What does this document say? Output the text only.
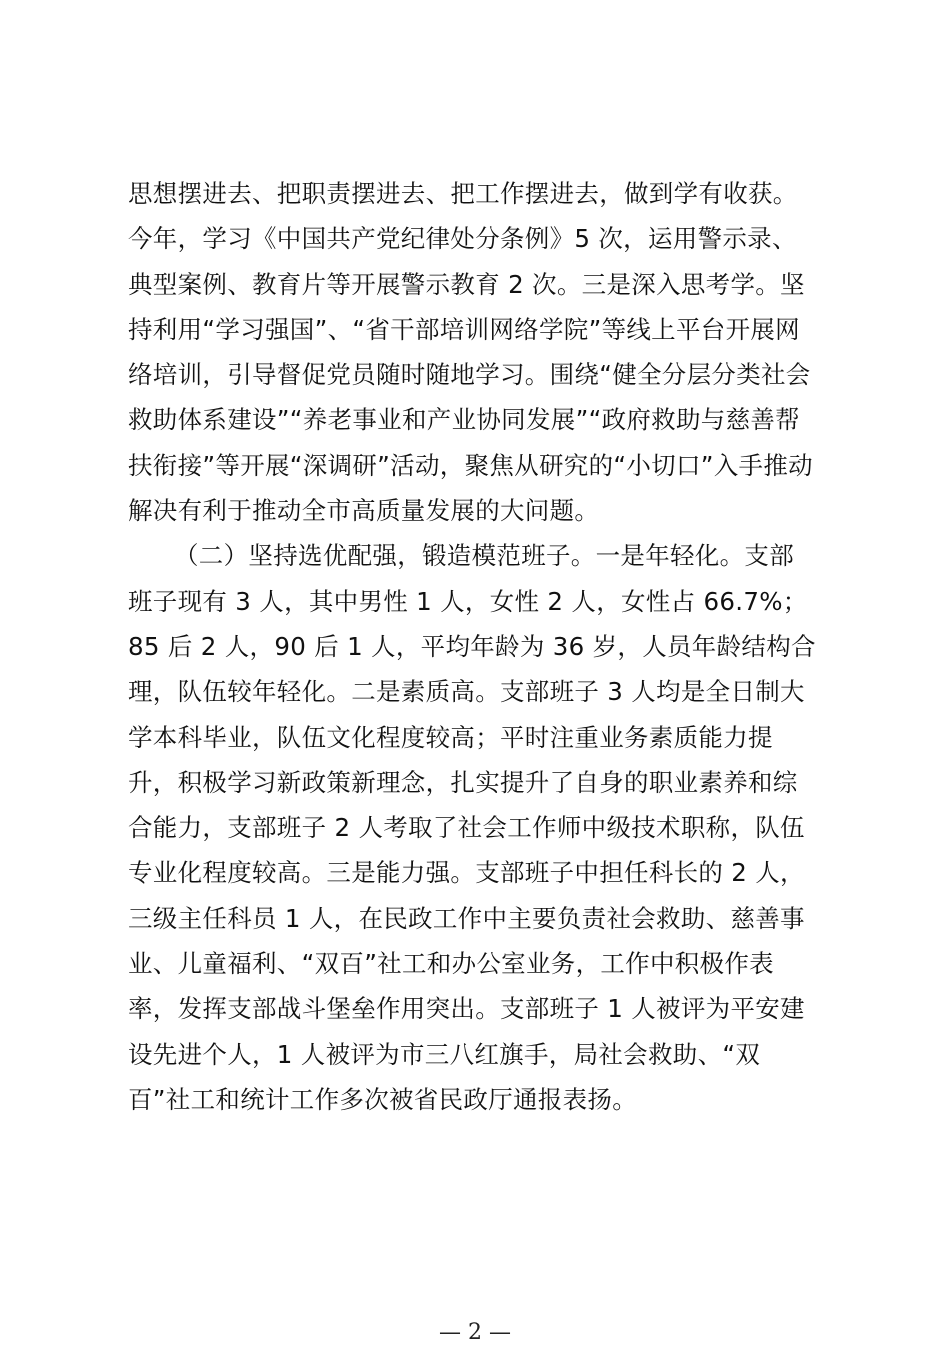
思想摆进去、把职责摆进去、把工作摆进去，做到学有收获。
今年，学习《中国共产党纪律处分条例》5 次，运用警示录、
典型案例、教育片等开展警示教育 2 次。三是深入思考学。坚
持利用“学习强国”、“省干部培训网络学院”等线上平台开展网
络培训，引导督促党员随时随地学习。围绕“健全分层分类社会
救助体系建设”“养老事业和产业协同发展”“政府救助与慈善帮
扶衔接”等开展“深调研”活动，聚焦从研究的“小切口”入手推动
解决有利于推动全市高质量发展的大问题。
（二）坚持选优配强，锻造模范班子。一是年轻化。支部
班子现有 3 人，其中男性 1 人，女性 2 人，女性占 66.7%；
85 后 2 人，90 后 1 人，平均年龄为 36 岁，人员年龄结构合
理，队伍较年轻化。二是素质高。支部班子 3 人均是全日制大
学本科毕业，队伍文化程度较高；平时注重业务素质能力提
升，积极学习新政策新理念，扎实提升了自身的职业素养和综
合能力，支部班子 2 人考取了社会工作师中级技术职称，队伍
专业化程度较高。三是能力强。支部班子中担任科长的 2 人，
三级主任科员 1 人，在民政工作中主要负责社会救助、慈善事
业、儿童福利、“双百”社工和办公室业务，工作中积极作表
率，发挥支部战斗堡垒作用突出。支部班子 1 人被评为平安建
设先进个人，1 人被评为市三八红旗手，局社会救助、“双
百”社工和统计工作多次被省民政厅通报表扬。
— 2 —
